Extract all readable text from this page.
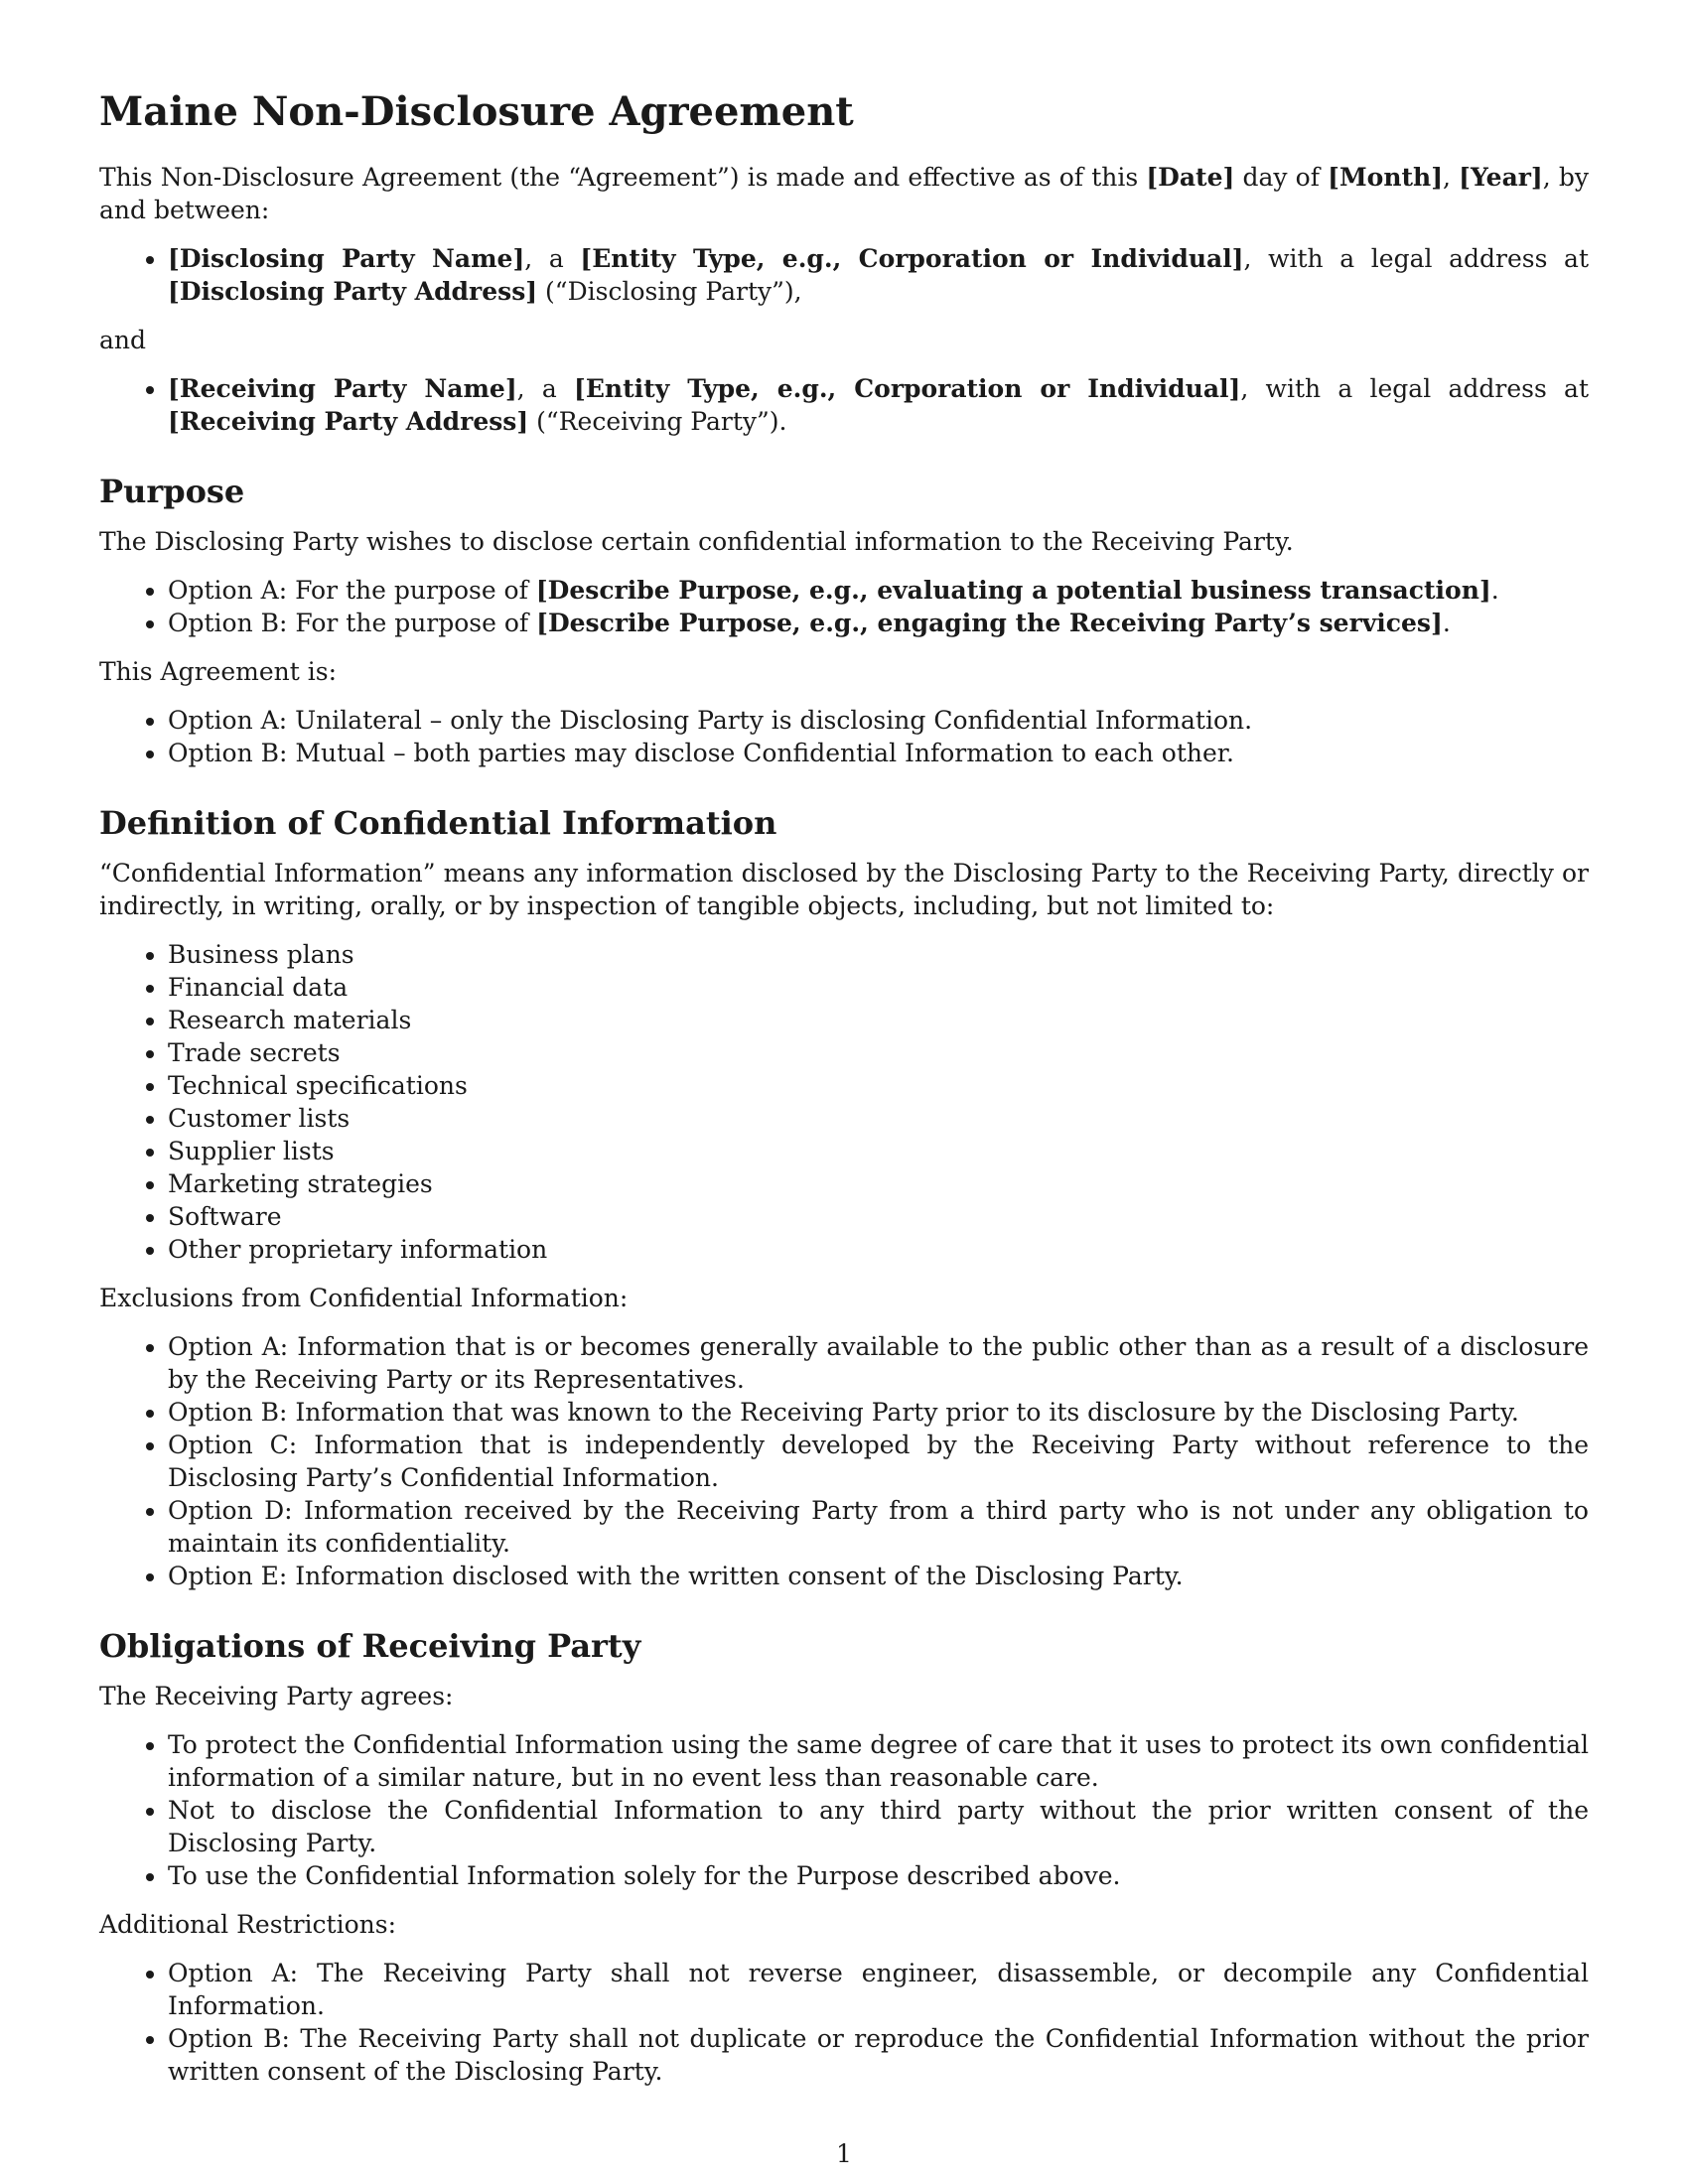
Maine Non-Disclosure Agreement

This Non-Disclosure Agreement (the “Agreement”) is made and effective as of this [Date] day of [Month], [Year], by and between:

• [Disclosing Party Name], a [Entity Type, e.g., Corporation or Individual], with a legal address at [Disclosing Party Address] (“Disclosing Party”),

and

• [Receiving Party Name], a [Entity Type, e.g., Corporation or Individual], with a legal address at [Receiving Party Address] (“Receiving Party”).
Purpose

The Disclosing Party wishes to disclose certain confidential information to the Receiving Party.

• Option A: For the purpose of [Describe Purpose, e.g., evaluating a potential business transaction].
• Option B: For the purpose of [Describe Purpose, e.g., engaging the Receiving Party’s services].

This Agreement is:

• Option A: Unilateral – only the Disclosing Party is disclosing Confidential Information.
• Option B: Mutual – both parties may disclose Confidential Information to each other.
Definition of Confidential Information

“Confidential Information” means any information disclosed by the Disclosing Party to the Receiving Party, directly or indirectly, in writing, orally, or by inspection of tangible objects, including, but not limited to:

• Business plans
• Financial data
• Research materials
• Trade secrets
• Technical specifications
• Customer lists
• Supplier lists
• Marketing strategies
• Software
• Other proprietary information

Exclusions from Confidential Information:

• Option A: Information that is or becomes generally available to the public other than as a result of a disclosure by the Receiving Party or its Representatives.
• Option B: Information that was known to the Receiving Party prior to its disclosure by the Disclosing Party.
• Option C: Information that is independently developed by the Receiving Party without reference to the Disclosing Party’s Confidential Information.
• Option D: Information received by the Receiving Party from a third party who is not under any obligation to maintain its confidentiality.
• Option E: Information disclosed with the written consent of the Disclosing Party.
Obligations of Receiving Party

The Receiving Party agrees:

• To protect the Confidential Information using the same degree of care that it uses to protect its own confidential information of a similar nature, but in no event less than reasonable care.
• Not to disclose the Confidential Information to any third party without the prior written consent of the Disclosing Party.
• To use the Confidential Information solely for the Purpose described above.

Additional Restrictions:

• Option A: The Receiving Party shall not reverse engineer, disassemble, or decompile any Confidential Information.
• Option B: The Receiving Party shall not duplicate or reproduce the Confidential Information without the prior written consent of the Disclosing Party.
1
